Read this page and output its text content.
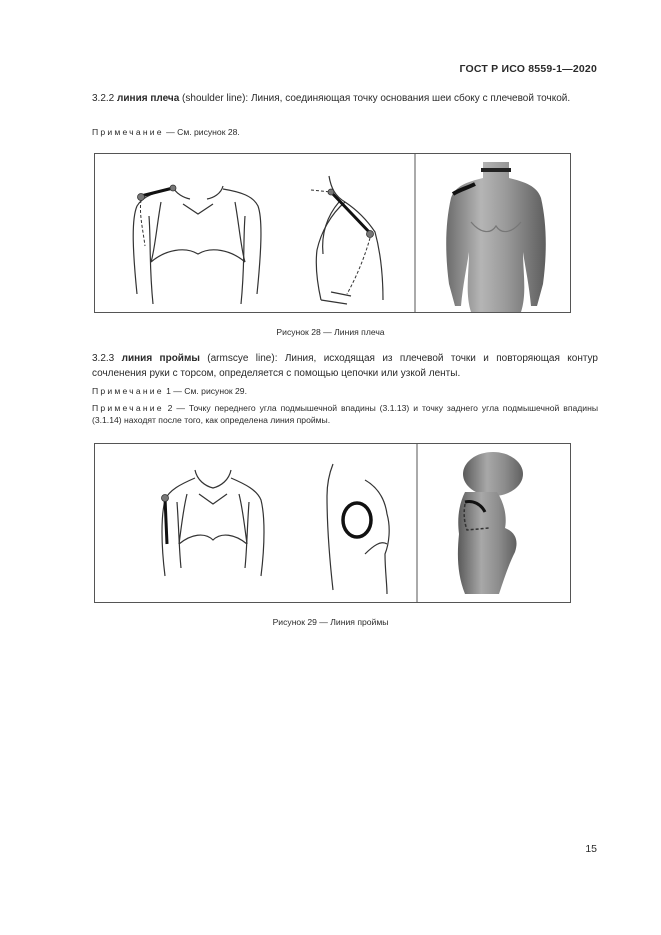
ГОСТ Р ИСО 8559-1—2020
3.2.2 линия плеча (shoulder line): Линия, соединяющая точку основания шеи сбоку с плечевой точкой.
Примечание — См. рисунок 28.
Рисунок 28 — Линия плеча
3.2.3 линия проймы (armscye line): Линия, исходящая из плечевой точки и повторяющая контур сочленения руки с торсом, определяется с помощью цепочки или узкой ленты.
Примечание 1 — См. рисунок 29.
Примечание 2 — Точку переднего угла подмышечной впадины (3.1.13) и точку заднего угла подмышечной впадины (3.1.14) находят после того, как определена линия проймы.
Рисунок 29 — Линия проймы
15
